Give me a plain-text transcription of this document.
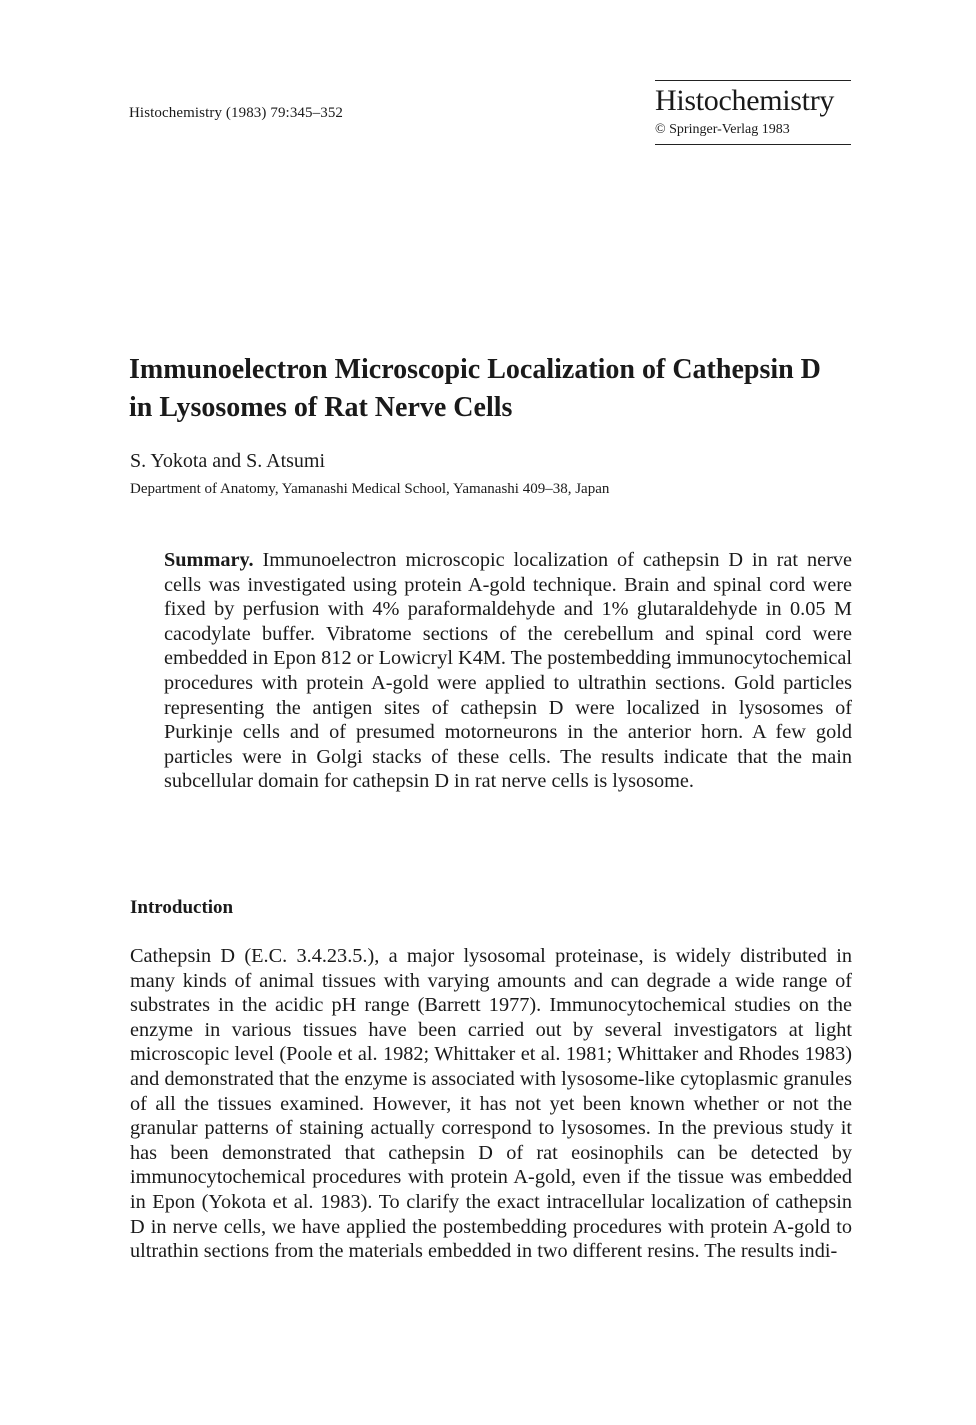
Histochemistry (1983) 79:345–352	Histochemistry
© Springer-Verlag 1983
Immunoelectron Microscopic Localization of Cathepsin D in Lysosomes of Rat Nerve Cells
S. Yokota and S. Atsumi
Department of Anatomy, Yamanashi Medical School, Yamanashi 409–38, Japan

Summary. Immunoelectron microscopic localization of cathepsin D in rat nerve cells was investigated using protein A-gold technique. Brain and spinal cord were fixed by perfusion with 4% paraformaldehyde and 1% glutaraldehyde in 0.05 M cacodylate buffer. Vibratome sections of the cerebellum and spinal cord were embedded in Epon 812 or Lowicryl K4M. The postembedding immunocytochemical procedures with protein A-gold were applied to ultrathin sections. Gold particles representing the antigen sites of cathepsin D were localized in lysosomes of Purkinje cells and of presumed motorneurons in the anterior horn. A few gold particles were in Golgi stacks of these cells. The results indicate that the main subcellular domain for cathepsin D in rat nerve cells is lysosome.

Introduction

Cathepsin D (E.C. 3.4.23.5.), a major lysosomal proteinase, is widely distributed in many kinds of animal tissues with varying amounts and can degrade a wide range of substrates in the acidic pH range (Barrett 1977). Immunocytochemical studies on the enzyme in various tissues have been carried out by several investigators at light microscopic level (Poole et al. 1982; Whittaker et al. 1981; Whittaker and Rhodes 1983) and demonstrated that the enzyme is associated with lysosome-like cytoplasmic granules of all the tissues examined. However, it has not yet been known whether or not the granular patterns of staining actually correspond to lysosomes. In the previous study it has been demonstrated that cathepsin D of rat eosinophils can be detected by immunocytochemical procedures with protein A-gold, even if the tissue was embedded in Epon (Yokota et al. 1983). To clarify the exact intracellular localization of cathepsin D in nerve cells, we have applied the postembedding procedures with protein A-gold to ultrathin sections from the materials embedded in two different resins. The results indi-
